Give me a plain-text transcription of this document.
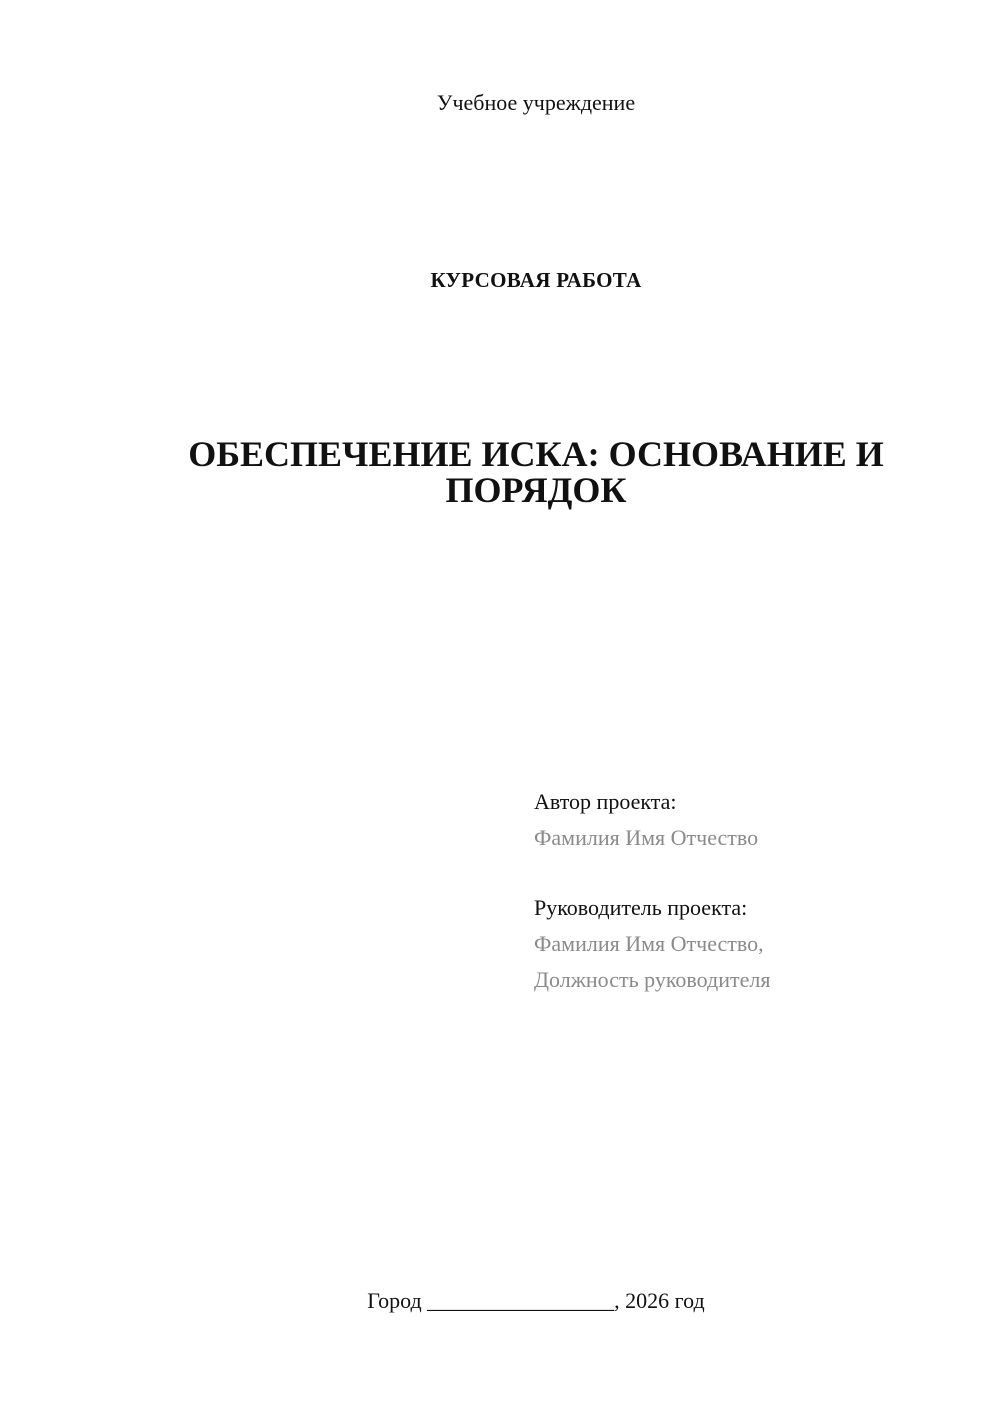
Учебное учреждение
КУРСОВАЯ РАБОТА
ОБЕСПЕЧЕНИЕ ИСКА: ОСНОВАНИЕ И
ПОРЯДОК
Автор проекта:
Фамилия Имя Отчество
Руководитель проекта:
Фамилия Имя Отчество,
Должность руководителя
Город _________________, 2026 год
